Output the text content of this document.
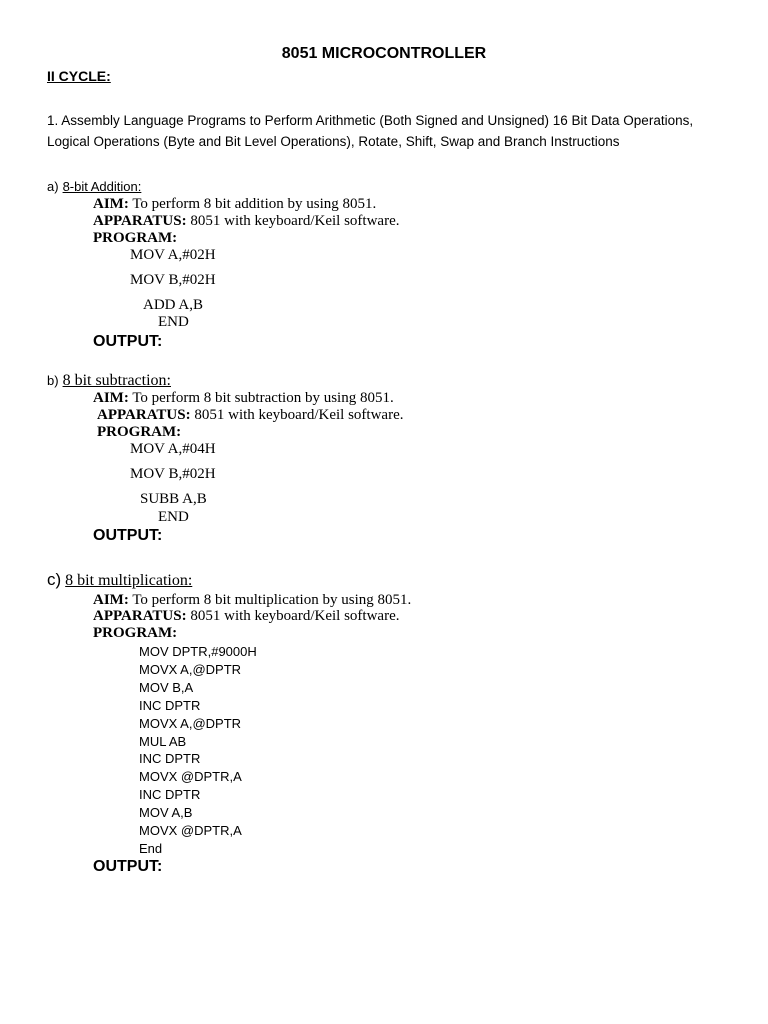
8051 MICROCONTROLLER
II CYCLE:
1. Assembly Language Programs to Perform Arithmetic (Both Signed and Unsigned) 16 Bit Data Operations,
Logical Operations (Byte and Bit Level Operations), Rotate, Shift, Swap and Branch Instructions
a) 8-bit Addition:
AIM: To perform 8 bit addition by using 8051.
APPARATUS: 8051 with keyboard/Keil software.
PROGRAM:
MOV A,#02H
MOV B,#02H
ADD A,B
END
OUTPUT:
b) 8 bit subtraction:
AIM: To perform 8 bit subtraction by using 8051.
APPARATUS: 8051 with keyboard/Keil software.
PROGRAM:
MOV A,#04H
MOV B,#02H
SUBB A,B
END
OUTPUT:
c) 8 bit multiplication:
AIM: To perform 8 bit multiplication by using 8051.
APPARATUS: 8051 with keyboard/Keil software.
PROGRAM:
MOV DPTR,#9000H
MOVX A,@DPTR
MOV B,A
INC DPTR
MOVX A,@DPTR
MUL AB
INC DPTR
MOVX @DPTR,A
INC DPTR
MOV A,B
MOVX @DPTR,A
End
OUTPUT:
